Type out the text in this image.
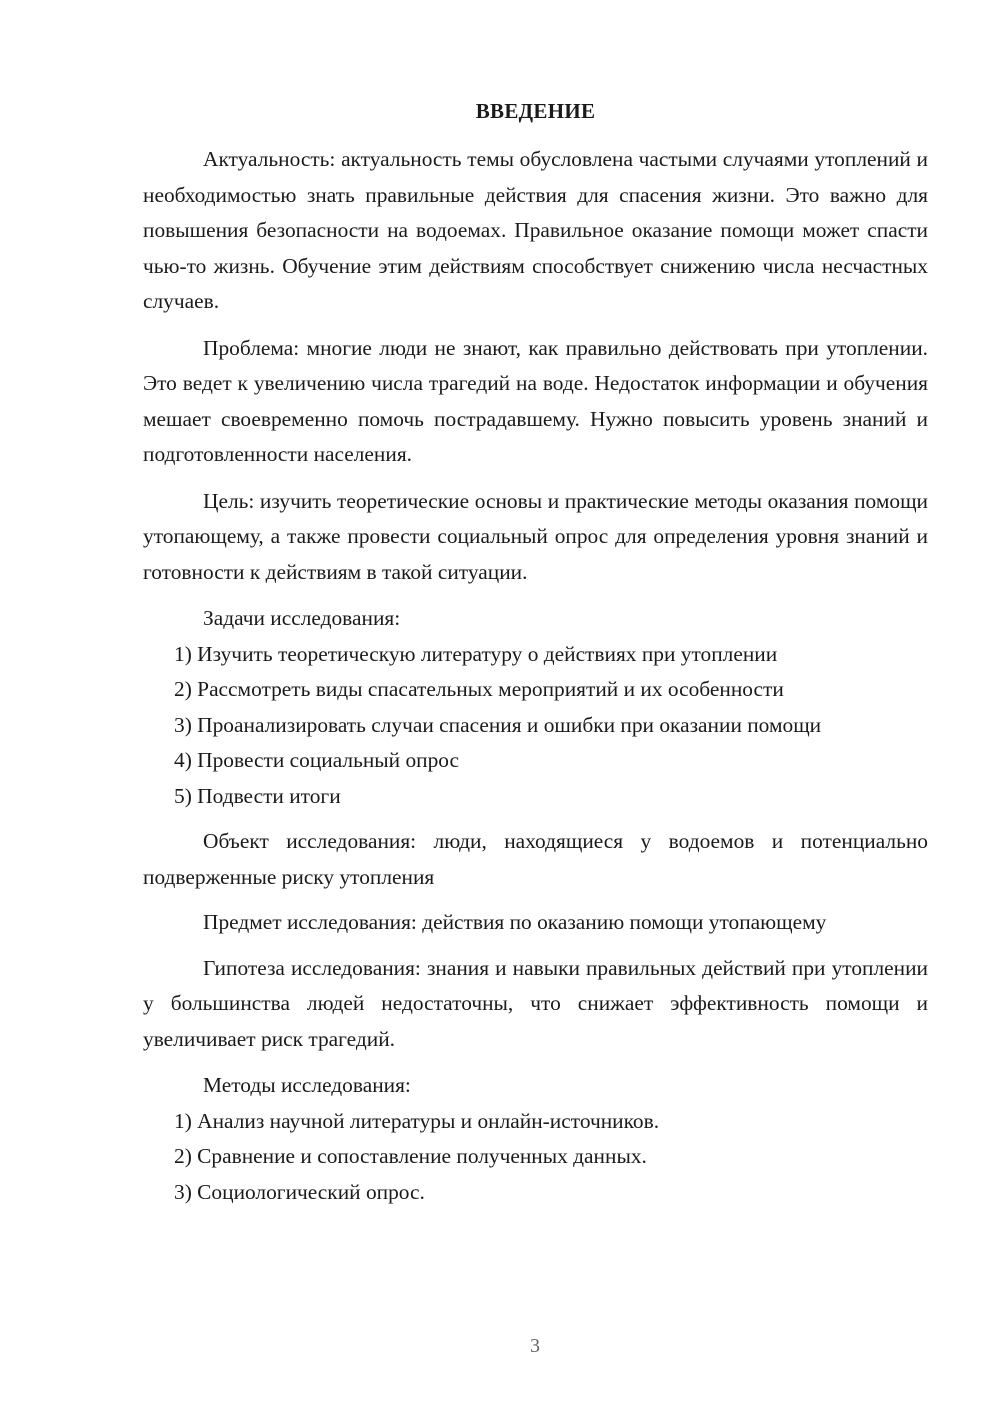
ВВЕДЕНИЕ

Актуальность: актуальность темы обусловлена частыми случаями утоплений и необходимостью знать правильные действия для спасения жизни. Это важно для повышения безопасности на водоемах. Правильное оказание помощи может спасти чью-то жизнь. Обучение этим действиям способствует снижению числа несчастных случаев.

Проблема: многие люди не знают, как правильно действовать при утоплении. Это ведет к увеличению числа трагедий на воде. Недостаток информации и обучения мешает своевременно помочь пострадавшему. Нужно повысить уровень знаний и подготовленности населения.

Цель: изучить теоретические основы и практические методы оказания помощи утопающему, а также провести социальный опрос для определения уровня знаний и готовности к действиям в такой ситуации.

Задачи исследования:

1) Изучить теоретическую литературу о действиях при утоплении

2) Рассмотреть виды спасательных мероприятий и их особенности

3) Проанализировать случаи спасения и ошибки при оказании помощи

4) Провести социальный опрос

5) Подвести итоги

Объект исследования: люди, находящиеся у водоемов и потенциально подверженные риску утопления

Предмет исследования: действия по оказанию помощи утопающему

Гипотеза исследования: знания и навыки правильных действий при утоплении у большинства людей недостаточны, что снижает эффективность помощи и увеличивает риск трагедий.

Методы исследования:

1) Анализ научной литературы и онлайн-источников.

2) Сравнение и сопоставление полученных данных.

3) Социологический опрос.

3
